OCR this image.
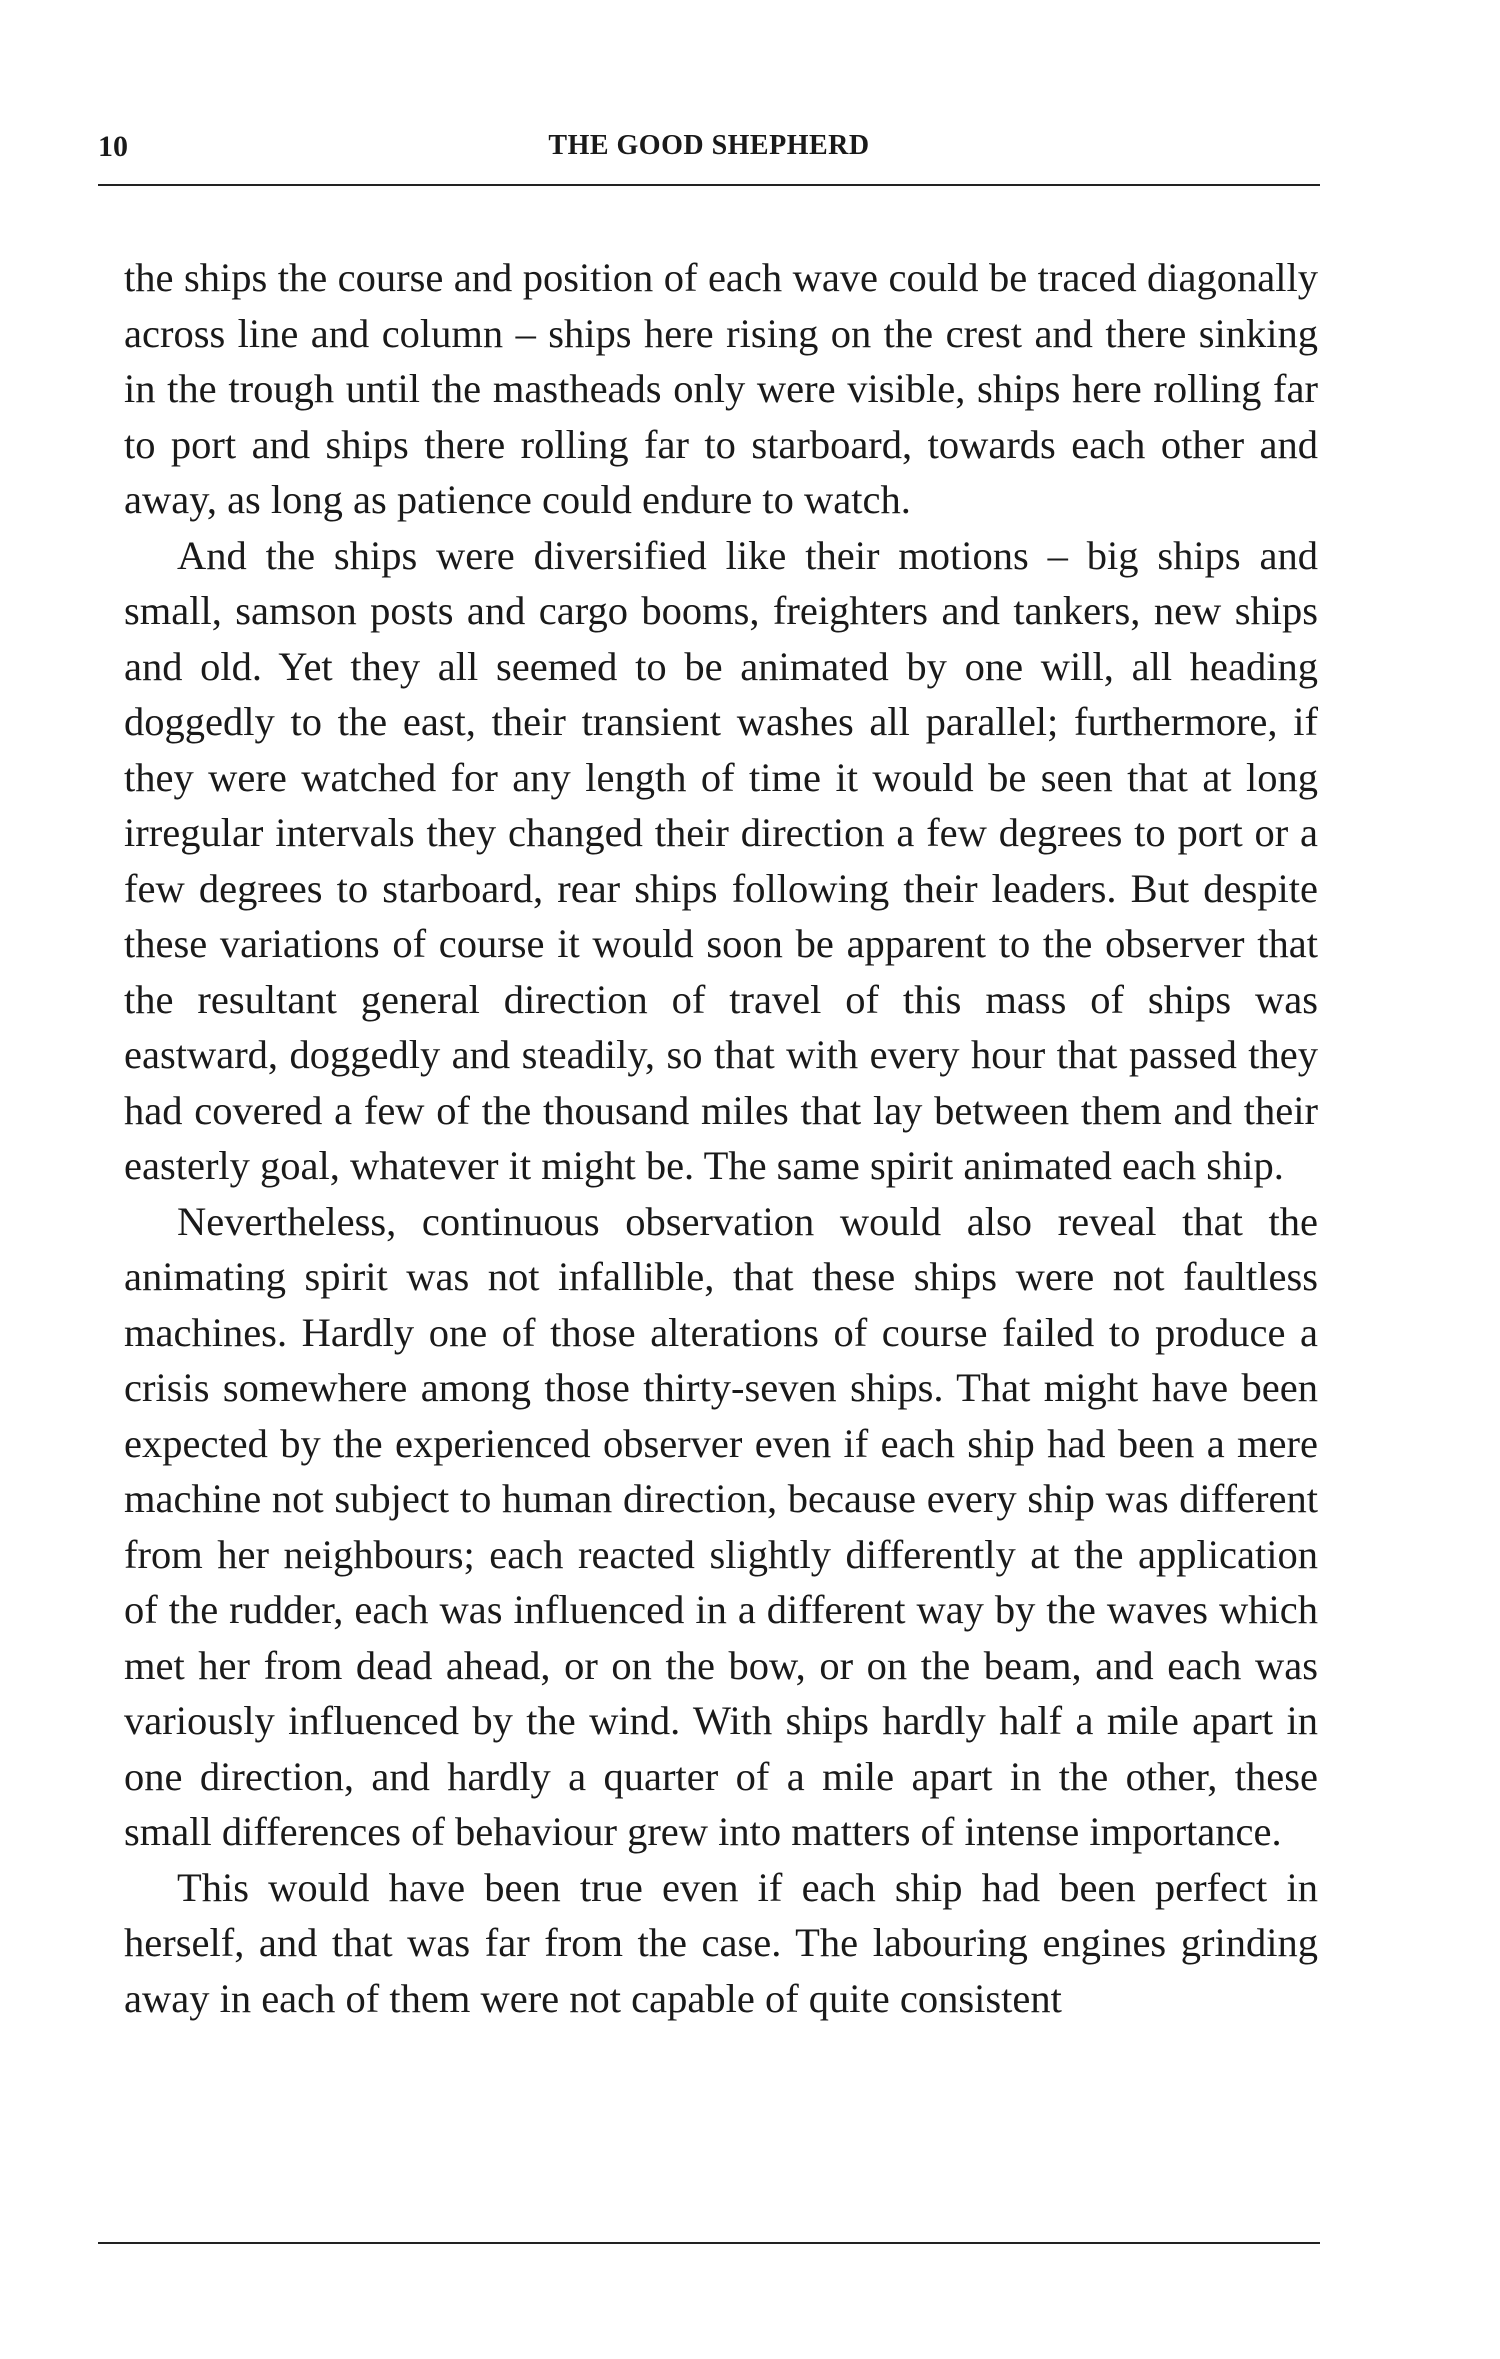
10	THE GOOD SHEPHERD

the ships the course and position of each wave could be traced diagonally across line and column – ships here rising on the crest and there sinking in the trough until the mastheads only were visible, ships here rolling far to port and ships there rolling far to starboard, towards each other and away, as long as patience could endure to watch.

And the ships were diversified like their motions – big ships and small, samson posts and cargo booms, freighters and tankers, new ships and old. Yet they all seemed to be animated by one will, all heading doggedly to the east, their transient washes all parallel; furthermore, if they were watched for any length of time it would be seen that at long irregular intervals they changed their direction a few degrees to port or a few degrees to starboard, rear ships following their leaders. But despite these variations of course it would soon be apparent to the observer that the resultant general direction of travel of this mass of ships was eastward, doggedly and steadily, so that with every hour that passed they had covered a few of the thousand miles that lay between them and their easterly goal, whatever it might be. The same spirit animated each ship.

Nevertheless, continuous observation would also reveal that the animating spirit was not infallible, that these ships were not faultless machines. Hardly one of those alterations of course failed to produce a crisis somewhere among those thirty-seven ships. That might have been expected by the experienced observer even if each ship had been a mere machine not subject to human direction, because every ship was different from her neighbours; each reacted slightly differently at the application of the rudder, each was influenced in a different way by the waves which met her from dead ahead, or on the bow, or on the beam, and each was variously influenced by the wind. With ships hardly half a mile apart in one direction, and hardly a quarter of a mile apart in the other, these small differences of behaviour grew into matters of intense importance.

This would have been true even if each ship had been perfect in herself, and that was far from the case. The labouring engines grinding away in each of them were not capable of quite consistent
